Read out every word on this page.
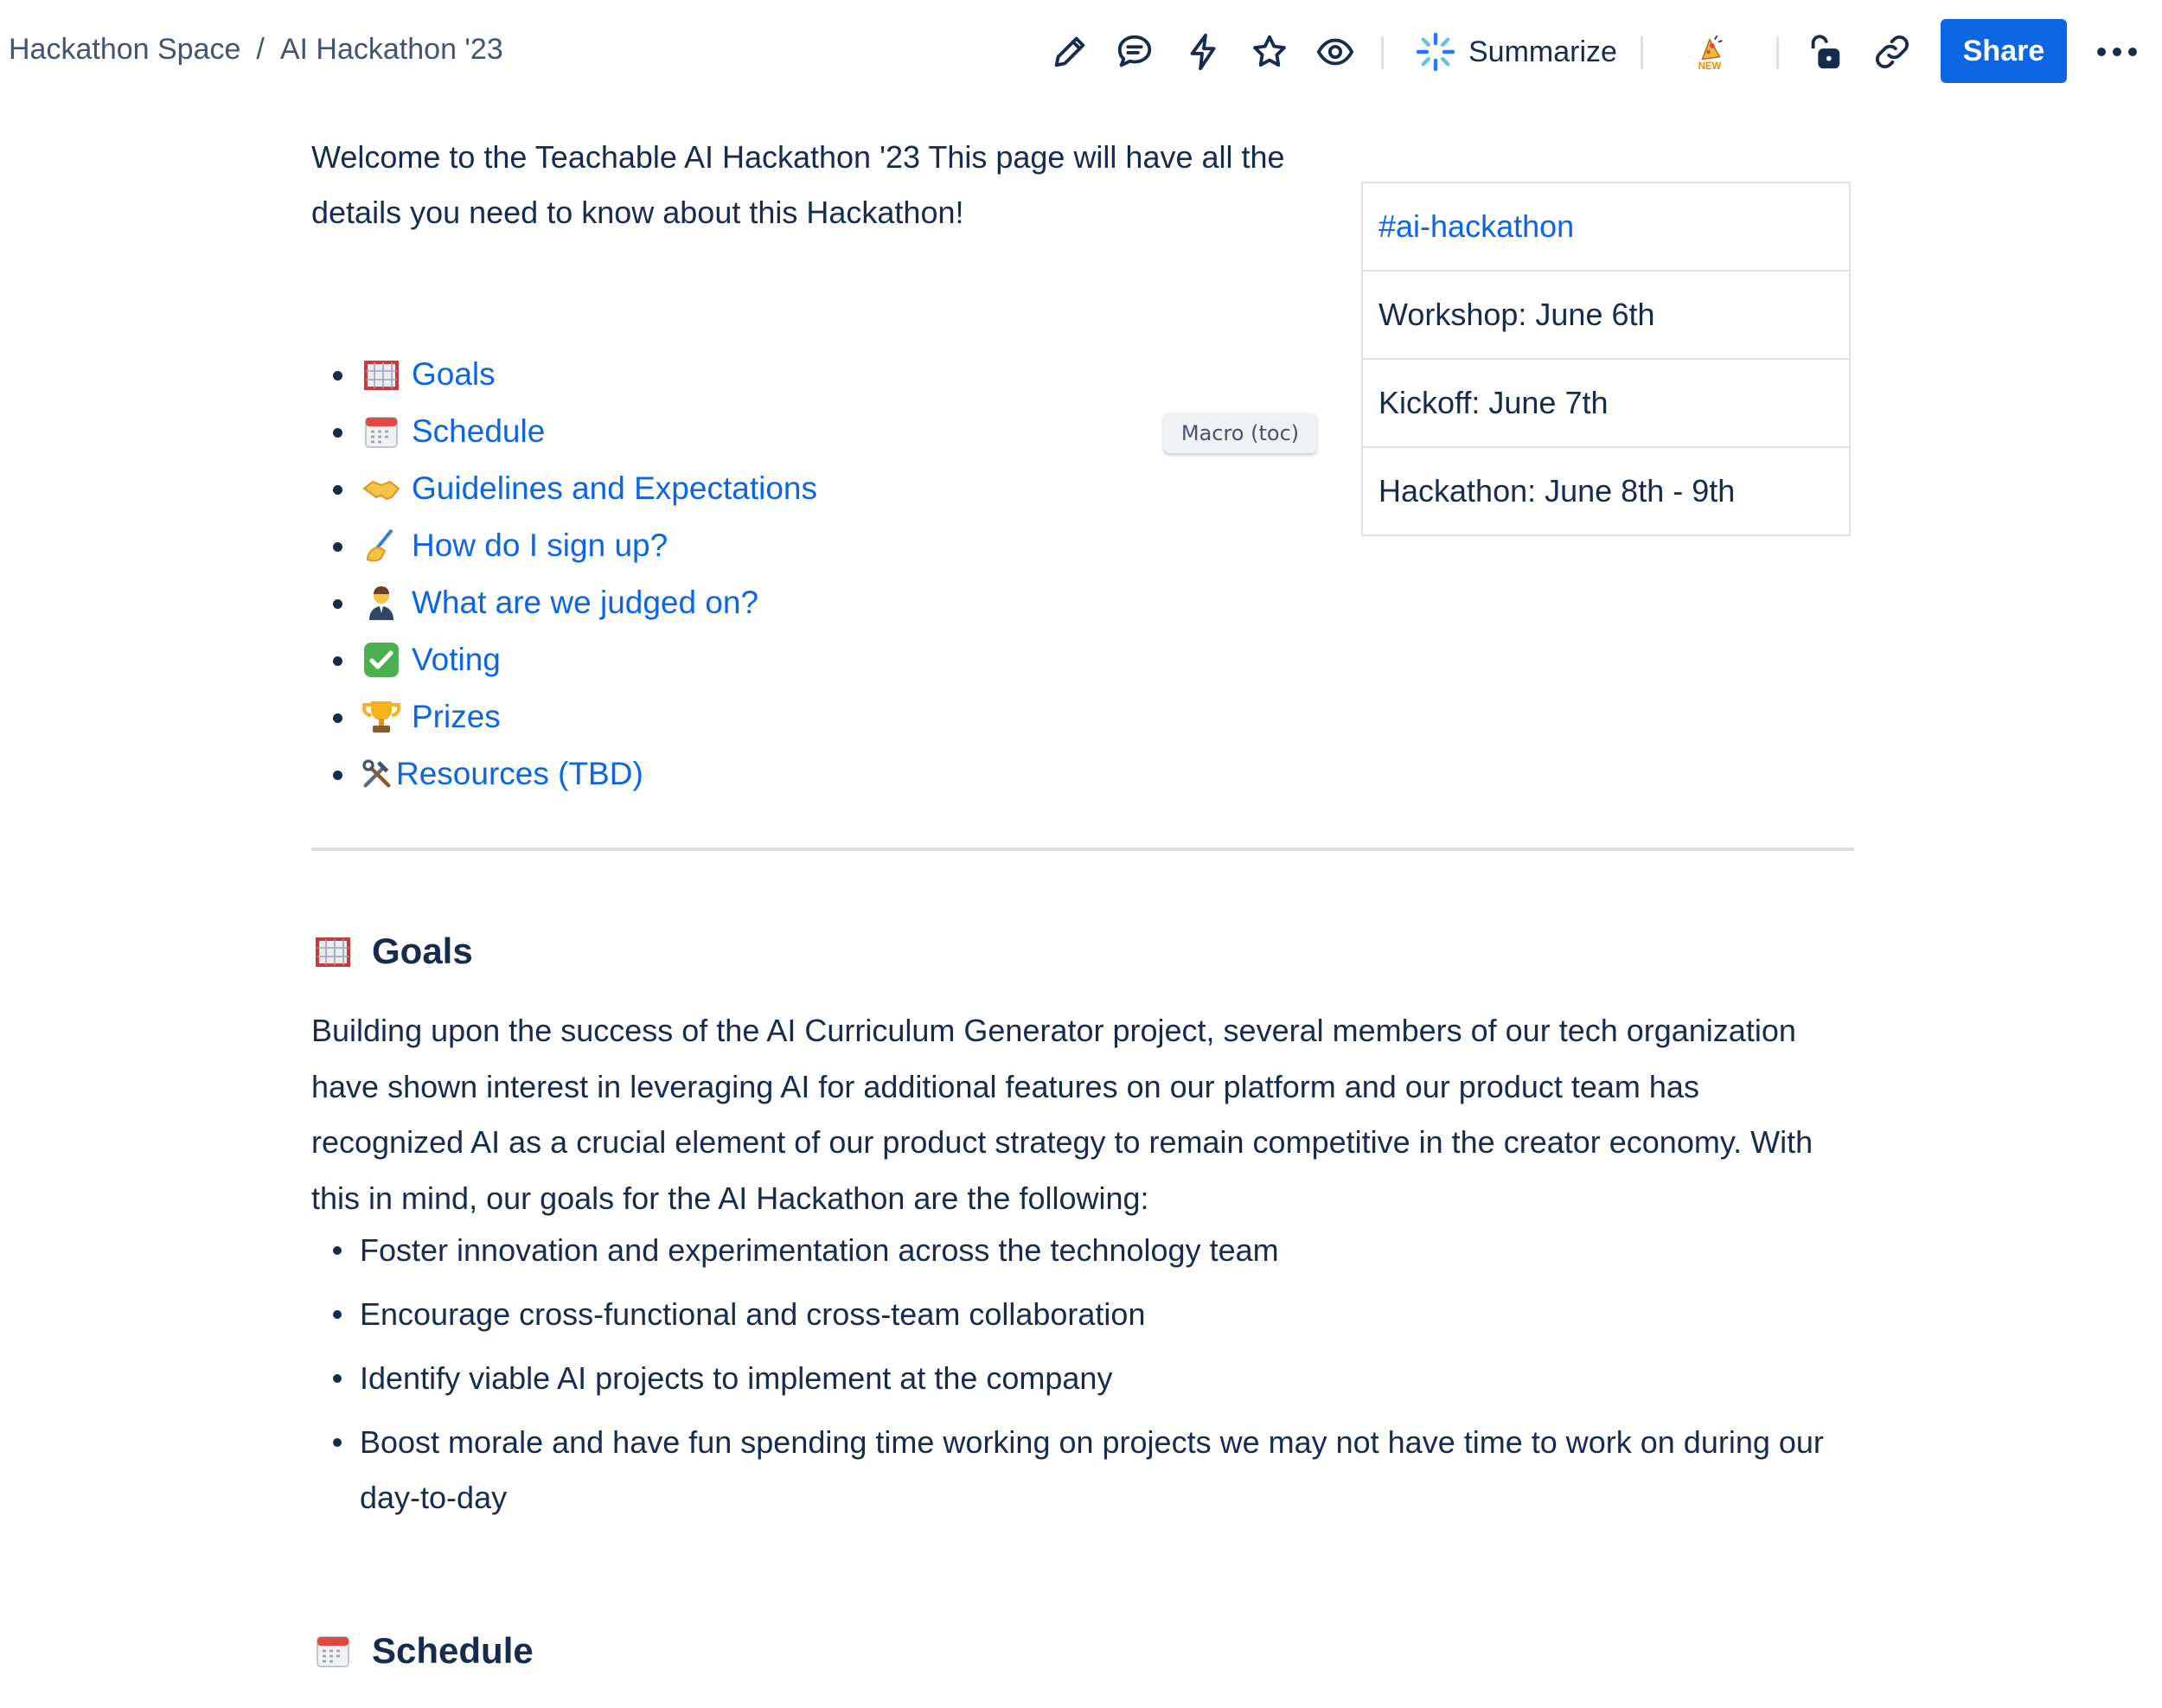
Hackathon Space / AI Hackathon '23	Summarize	NEW	Share

Welcome to the Teachable AI Hackathon '23 This page will have all the details you need to know about this Hackathon!	#ai-hackathon
Workshop: June 6th
Kickoff: June 7th
Hackathon: June 8th - 9th
Macro (toc)
Goals
Schedule
Guidelines and Expectations
How do I sign up?
What are we judged on?
Voting
Prizes
Resources (TBD)
Goals

Building upon the success of the AI Curriculum Generator project, several members of our tech organization have shown interest in leveraging AI for additional features on our platform and our product team has recognized AI as a crucial element of our product strategy to remain competitive in the creator economy. With this in mind, our goals for the AI Hackathon are the following:

Foster innovation and experimentation across the technology team
Encourage cross-functional and cross-team collaboration
Identify viable AI projects to implement at the company
Boost morale and have fun spending time working on projects we may not have time to work on during our day-to-day
Schedule
